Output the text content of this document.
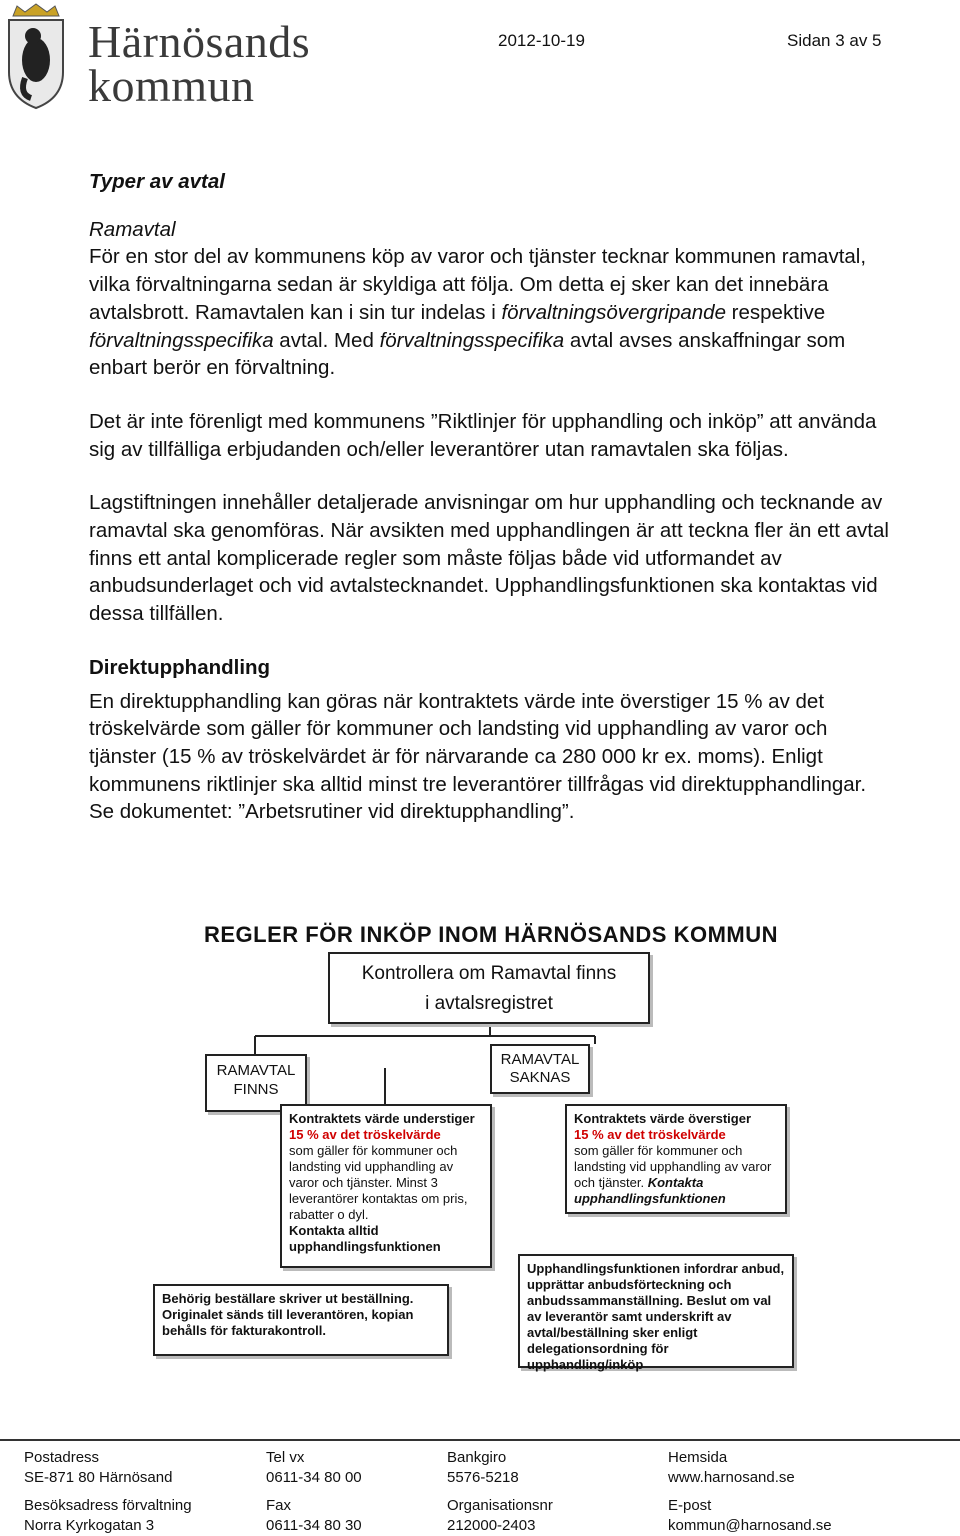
Härnösands
kommun
2012-10-19	Sidan 3 av 5

Typer av avtal

Ramavtal

För en stor del av kommunens köp av varor och tjänster tecknar kommunen ramavtal, vilka förvaltningarna sedan är skyldiga att följa. Om detta ej sker kan det innebära avtalsbrott. Ramavtalen kan i sin tur indelas i förvaltningsövergripande respektive förvaltningsspecifika avtal. Med förvaltningsspecifika avtal avses anskaffningar som enbart berör en förvaltning.

Det är inte förenligt med kommunens ”Riktlinjer för upphandling och inköp” att använda sig av tillfälliga erbjudanden och/eller leverantörer utan ramavtalen ska följas.

Lagstiftningen innehåller detaljerade anvisningar om hur upphandling och tecknande av ramavtal ska genomföras. När avsikten med upphandlingen är att teckna fler än ett avtal finns ett antal komplicerade regler som måste följas både vid utformandet av anbudsunderlaget och vid avtalstecknandet. Upphandlingsfunktionen ska kontaktas vid dessa tillfällen.

Direktupphandling

En direktupphandling kan göras när kontraktets värde inte överstiger 15 % av det tröskelvärde som gäller för kommuner och landsting vid upphandling av varor och tjänster (15 % av tröskelvärdet är för närvarande ca 280 000 kr ex. moms). Enligt kommunens riktlinjer ska alltid minst tre leverantörer tillfrågas vid direktupphandlingar. Se dokumentet: ”Arbetsrutiner vid direktupphandling”.

REGLER FÖR INKÖP INOM HÄRNÖSANDS KOMMUN
Kontrollera om Ramavtal finns
i avtalsregistret
RAMAVTAL
FINNS
RAMAVTAL
SAKNAS
Kontraktets värde understiger
15 % av det tröskelvärde
som gäller för kommuner och landsting vid upphandling av varor och tjänster. Minst 3 leverantörer kontaktas om pris, rabatter o dyl.
Kontakta alltid upphandlingsfunktionen
Kontraktets värde överstiger
15 % av det tröskelvärde
som gäller för kommuner och landsting vid upphandling av varor och tjänster. Kontakta upphandlingsfunktionen
Upphandlingsfunktionen infordrar anbud, upprättar anbudsförteckning och anbudssammanställning. Beslut om val av leverantör samt underskrift av avtal/beställning sker enligt delegationsordning för upphandling/inköp
Behörig beställare skriver ut beställning. Originalet sänds till leverantören, kopian behålls för fakturakontroll.
Postadress
SE-871 80 Härnösand
Besöksadress förvaltning
Norra Kyrkogatan 3
Tel vx
0611-34 80 00
Fax
0611-34 80 30
Bankgiro
5576-5218
Organisationsnr
212000-2403
Hemsida
www.harnosand.se
E-post
kommun@harnosand.se
